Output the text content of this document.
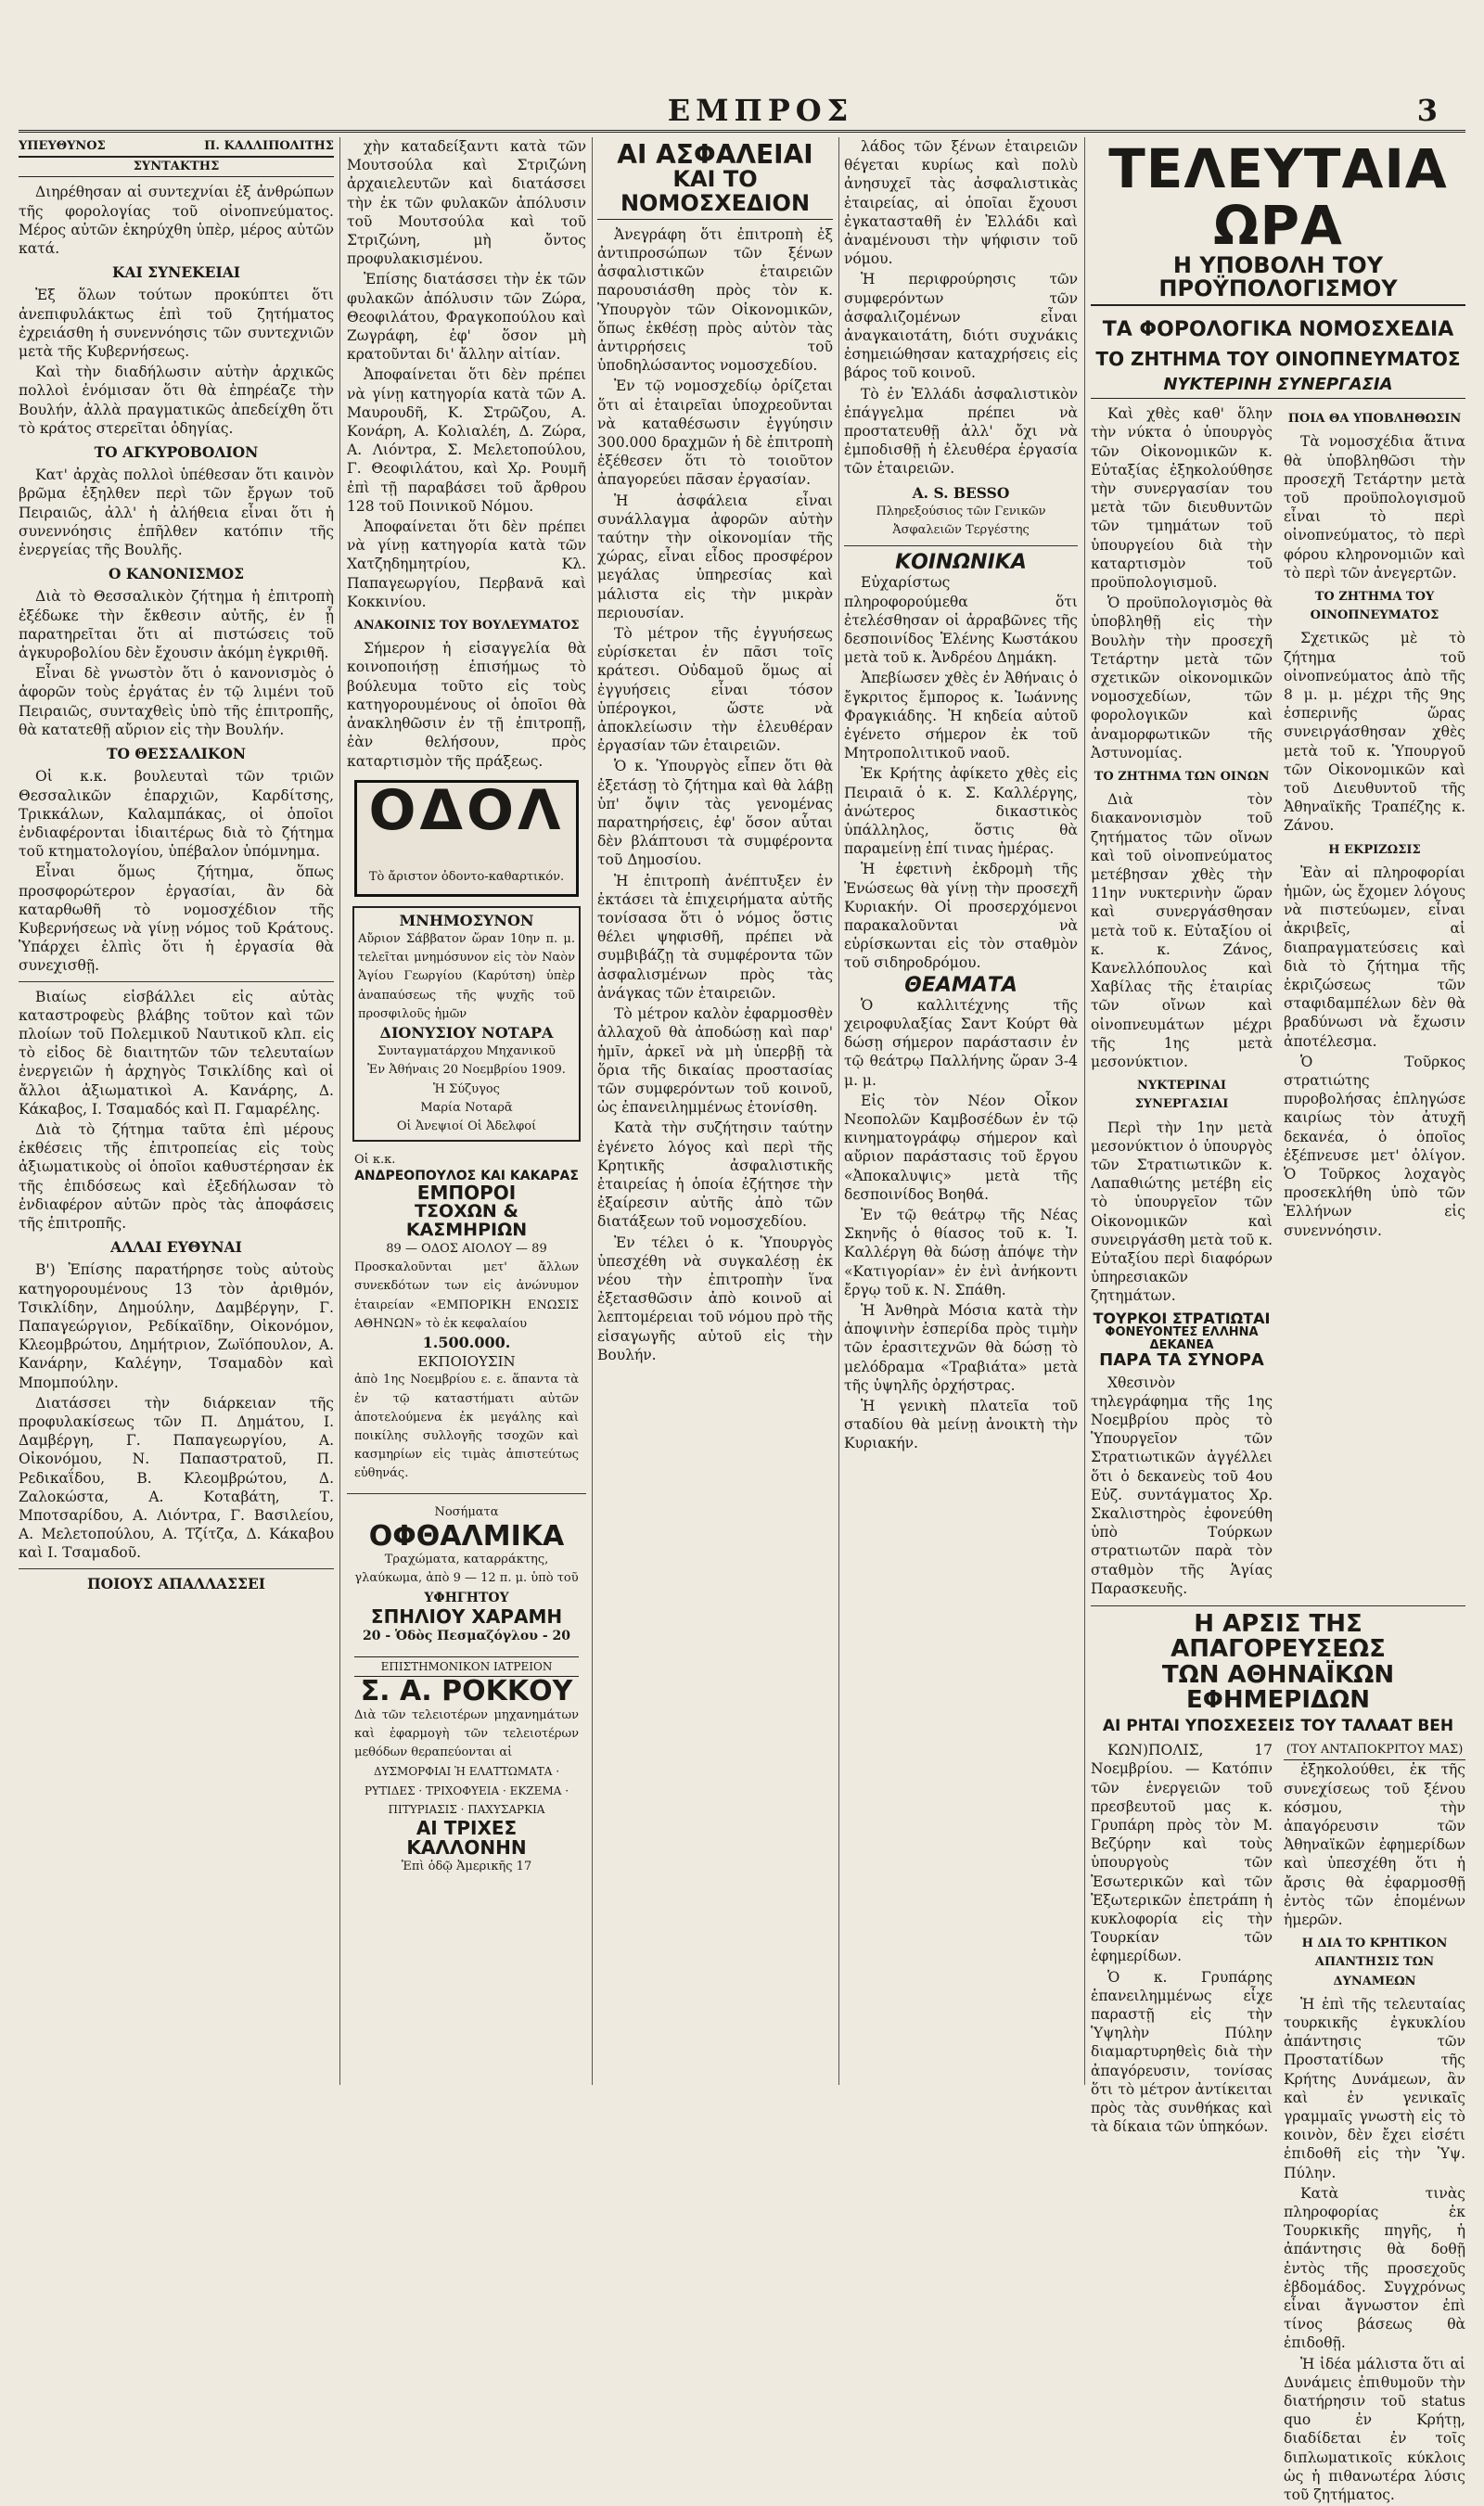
ΕΜΠΡΟΣ	3
ΥΠΕΥΘΥΝΟΣ	Π. ΚΑΛΛΙΠΟΛΙΤΗΣ
ΣΥΝΤΑΚΤΗΣ

Διηρέθησαν αἱ συντεχνίαι ἐξ ἀνθρώπων τῆς φορολογίας τοῦ οἰνοπνεύματος. Μέρος αὐτῶν ἐκηρύχθη ὑπὲρ, μέρος αὐτῶν κατά.

ΚΑΙ ΣΥΝΕΚΕΙΑΙ

Ἐξ ὅλων τούτων προκύπτει ὅτι ἀνεπιφυλάκτως ἐπὶ τοῦ ζητήματος ἐχρειάσθη ἡ συνεννόησις τῶν συντεχνιῶν μετὰ τῆς Κυβερνήσεως.

Καὶ τὴν διαδήλωσιν αὐτὴν ἀρχικῶς πολλοὶ ἐνόμισαν ὅτι θὰ ἐπηρέαζε τὴν Βουλήν, ἀλλὰ πραγματικῶς ἀπεδείχθη ὅτι τὸ κράτος στερεῖται ὁδηγίας.

ΤΟ ΑΓΚΥΡΟΒΟΛΙΟΝ

Κατ' ἀρχὰς πολλοὶ ὑπέθεσαν ὅτι καινὸν βρῶμα ἐξηλθεν περὶ τῶν ἔργων τοῦ Πειραιῶς, ἀλλ' ἡ ἀλήθεια εἶναι ὅτι ἡ συνεννόησις ἐπῆλθεν κατόπιν τῆς ἐνεργείας τῆς Βουλῆς.

Ο ΚΑΝΟΝΙΣΜΟΣ

Διὰ τὸ Θεσσαλικὸν ζήτημα ἡ ἐπιτροπὴ ἐξέδωκε τὴν ἔκθεσιν αὐτῆς, ἐν ᾗ παρατηρεῖται ὅτι αἱ πιστώσεις τοῦ ἀγκυροβολίου δὲν ἔχουσιν ἀκόμη ἐγκριθῆ.

Εἶναι δὲ γνωστὸν ὅτι ὁ κανονισμὸς ὁ ἀφορῶν τοὺς ἐργάτας ἐν τῷ λιμένι τοῦ Πειραιῶς, συνταχθεὶς ὑπὸ τῆς ἐπιτροπῆς, θὰ κατατεθῇ αὔριον εἰς τὴν Βουλήν.

ΤΟ ΘΕΣΣΑΛΙΚΟΝ

Οἱ κ.κ. βουλευταὶ τῶν τριῶν Θεσσαλικῶν ἐπαρχιῶν, Καρδίτσης, Τρικκάλων, Καλαμπάκας, οἱ ὁποῖοι ἐνδιαφέρονται ἰδιαιτέρως διὰ τὸ ζήτημα τοῦ κτηματολογίου, ὑπέβαλον ὑπόμνημα.

Εἶναι ὅμως ζήτημα, ὅπως προσφορώτερον ἐργασίαι, ἂν δὰ καταρθωθῆ τὸ νομοσχέδιον τῆς Κυβερνήσεως νὰ γίνῃ νόμος τοῦ Κράτους. Ὑπάρχει ἐλπὶς ὅτι ἡ ἐργασία θὰ συνεχισθῇ.

Βιαίως εἰσβάλλει εἰς αὐτὰς καταστροφεὺς βλάβης τοῦτον καὶ τῶν πλοίων τοῦ Πολεμικοῦ Ναυτικοῦ κλπ. εἰς τὸ εἰδος δὲ διαιτητῶν τῶν τελευταίων ἐνεργειῶν ἡ ἀρχηγὸς Τσικλίδης καὶ οἱ ἄλλοι ἀξιωματικοὶ Α. Κανάρης, Δ. Κάκαβος, Ι. Τσαμαδός καὶ Π. Γαμαρέλης.

Διὰ τὸ ζήτημα ταῦτα ἐπὶ μέρους ἐκθέσεις τῆς ἐπιτροπείας εἰς τοὺς ἀξιωματικοὺς οἱ ὁποῖοι καθυστέρησαν ἐκ τῆς ἐπιδόσεως καὶ ἐξεδήλωσαν τὸ ἐνδιαφέρον αὐτῶν πρὸς τὰς ἀποφάσεις τῆς ἐπιτροπῆς.

ΑΛΛΑΙ ΕΥΘΥΝΑΙ

Β') Ἐπίσης παρατήρησε τοὺς αὐτοὺς κατηγορουμένους 13 τὸν ἀριθμόν, Τσικλίδην, Δημούλην, Δαμβέργην, Γ. Παπαγεώργιον, Ρεδίκαϊδην, Οἰκονόμον, Κλεομβρώτου, Δημήτριον, Ζωϊόπουλον, Α. Κανάρην, Καλέγην, Τσαμαδὸν καὶ Μπομπούλην.

Διατάσσει τὴν διάρκειαν τῆς προφυλακίσεως τῶν Π. Δημάτου, Ι. Δαμβέργη, Γ. Παπαγεωργίου, Α. Οἰκονόμου, Ν. Παπαστρατοῦ, Π. Ρεδικαΐδου, Β. Κλεομβρώτου, Δ. Ζαλοκώστα, Α. Κοταβάτη, Τ. Μποτσαρίδου, Α. Λιόντρα, Γ. Βασιλείου, Α. Μελετοπούλου, Α. Τζίτζα, Δ. Κάκαβου καὶ Ι. Τσαμαδοῦ.

ΠΟΙΟΥΣ ΑΠΑΛΛΑΣΣΕΙ

χὴν καταδείξαντι κατὰ τῶν Μουτσούλα καὶ Στριζώνη ἀρχαιελευτῶν καὶ διατάσσει τὴν ἐκ τῶν φυλακῶν ἀπόλυσιν τοῦ Μουτσούλα καὶ τοῦ Στριζώνη, μὴ ὄντος προφυλακισμένου.

Ἐπίσης διατάσσει τὴν ἐκ τῶν φυλακῶν ἀπόλυσιν τῶν Ζώρα, Θεοφιλάτου, Φραγκοπούλου καὶ Ζωγράφη, ἐφ' ὅσον μὴ κρατοῦνται δι' ἄλλην αἰτίαν.

Ἀποφαίνεται ὅτι δὲν πρέπει νὰ γίνῃ κατηγορία κατὰ τῶν Α. Μαυρουδῆ, Κ. Στρῶζου, Α. Κονάρη, Α. Κολιαλέη, Δ. Ζώρα, Α. Λιόντρα, Σ. Μελετοπούλου, Γ. Θεοφιλάτου, καὶ Χρ. Ρουμῆ ἐπὶ τῇ παραβάσει τοῦ ἄρθρου 128 τοῦ Ποινικοῦ Νόμου.

Ἀποφαίνεται ὅτι δὲν πρέπει νὰ γίνῃ κατηγορία κατὰ τῶν Χατζηδημητρίου, Κλ. Παπαγεωργίου, Περβανᾶ καὶ Κοκκινίου.

ΑΝΑΚΟΙΝΙΣ ΤΟΥ ΒΟΥΛΕΥΜΑΤΟΣ

Σήμερον ἡ εἰσαγγελία θὰ κοινοποιήσῃ ἐπισήμως τὸ βούλευμα τοῦτο εἰς τοὺς κατηγορουμένους οἱ ὁποῖοι θὰ ἀνακληθῶσιν ἐν τῇ ἐπιτροπῇ, ἐὰν θελήσουν, πρὸς καταρτισμὸν τῆς πράξεως.

ΟΔΟΛ
Τὸ ἄριστον ὀδοντο-καθαρτικόν.
ΜΝΗΜΟΣΥΝΟΝ
Αὔριον Σάββατον ὥραν 10ην π. μ. τελεῖται μνημόσυνον εἰς τὸν Ναὸν Ἁγίου Γεωργίου (Καρύτση) ὑπὲρ ἀναπαύσεως τῆς ψυχῆς τοῦ προσφιλοῦς ἡμῶν
ΔΙΟΝΥΣΙΟΥ ΝΟΤΑΡΑ
Συνταγματάρχου Μηχανικοῦ
Ἐν Ἀθήναις 20 Νοεμβρίου 1909.
Ἡ Σύζυγος
Μαρία Νοταρᾶ
Οἱ Ἀνεψιοί Οἱ Ἀδελφοί
Οἱ κ.κ.
ΑΝΔΡΕΟΠΟΥΛΟΣ ΚΑΙ ΚΑΚΑΡΑΣ
ΕΜΠΟΡΟΙ
ΤΣΟΧΩΝ & ΚΑΣΜΗΡΙΩΝ
89 — ΟΔΟΣ ΑΙΟΛΟΥ — 89
Προσκαλοῦνται μετ' ἄλλων συνεκδότων των εἰς ἀνώνυμον ἑταιρείαν «ΕΜΠΟΡΙΚΗ ΕΝΩΣΙΣ ΑΘΗΝΩΝ» τὸ ἐκ κεφαλαίου
1.500.000.
ΕΚΠΟΙΟΥΣΙΝ
ἀπὸ 1ης Νοεμβρίου ε. ε. ἅπαντα τὰ ἐν τῷ καταστήματι αὐτῶν ἀποτελούμενα ἐκ μεγάλης καὶ ποικίλης συλλογῆς τσοχῶν καὶ κασμηρίων εἰς τιμὰς ἀπιστεύτως εὐθηνάς.
Νοσήματα
ΟΦΘΑΛΜΙΚΑ
Τραχώματα, καταρράκτης, γλαύκωμα, ἀπὸ 9 — 12 π. μ. ὑπὸ τοῦ
ΥΦΗΓΗΤΟΥ
ΣΠΗΛΙΟΥ ΧΑΡΑΜΗ
20 - Ὁδὸς Πεσμαζόγλου - 20
ΕΠΙΣΤΗΜΟΝΙΚΟΝ ΙΑΤΡΕΙΟΝ
Σ. Α. ΡΟΚΚΟΥ
Διὰ τῶν τελειοτέρων μηχανημάτων καὶ ἐφαρμογὴ τῶν τελειοτέρων μεθόδων θεραπεύονται αἱ
ΔΥΣΜΟΡΦΙΑΙ Ἡ ΕΛΑΤΤΩΜΑΤΑ · ΡΥΤΙΔΕΣ · ΤΡΙΧΟΦΥΕΙΑ · ΕΚΖΕΜΑ · ΠΙΤΥΡΙΑΣΙΣ · ΠΑΧΥΣΑΡΚΙΑ
ΑΙ ΤΡΙΧΕΣ
ΚΑΛΛΟΝΗΝ
Ἐπὶ ὁδῷ Ἀμερικῆς 17
ΑΙ ΑΣΦΑΛΕΙΑΙ
ΚΑΙ ΤΟ ΝΟΜΟΣΧΕΔΙΟΝ

Ἀνεγράφη ὅτι ἐπιτροπὴ ἐξ ἀντιπροσώπων τῶν ξένων ἀσφαλιστικῶν ἑταιρειῶν παρουσιάσθη πρὸς τὸν κ. Ὑπουργὸν τῶν Οἰκονομικῶν, ὅπως ἐκθέσῃ πρὸς αὐτὸν τὰς ἀντιρρήσεις τοῦ ὑποδηλώσαντος νομοσχεδίου.

Ἐν τῷ νομοσχεδίῳ ὁρίζεται ὅτι αἱ ἑταιρεῖαι ὑποχρεοῦνται νὰ καταθέσωσιν ἐγγύησιν 300.000 δραχμῶν ἡ δὲ ἐπιτροπὴ ἐξέθεσεν ὅτι τὸ τοιοῦτον ἀπαγορεύει πᾶσαν ἐργασίαν.

Ἡ ἀσφάλεια εἶναι συνάλλαγμα ἀφορῶν αὐτὴν ταύτην τὴν οἰκονομίαν τῆς χώρας, εἶναι εἶδος προσφέρον μεγάλας ὑπηρεσίας καὶ μάλιστα εἰς τὴν μικρὰν περιουσίαν.

Τὸ μέτρον τῆς ἐγγυήσεως εὑρίσκεται ἐν πᾶσι τοῖς κράτεσι. Οὐδαμοῦ ὅμως αἱ ἐγγυήσεις εἶναι τόσον ὑπέρογκοι, ὥστε νὰ ἀποκλείωσιν τὴν ἐλευθέραν ἐργασίαν τῶν ἑταιρειῶν.

Ὁ κ. Ὑπουργὸς εἶπεν ὅτι θὰ ἐξετάσῃ τὸ ζήτημα καὶ θὰ λάβῃ ὑπ' ὄψιν τὰς γενομένας παρατηρήσεις, ἐφ' ὅσον αὗται δὲν βλάπτουσι τὰ συμφέροντα τοῦ Δημοσίου.

Ἡ ἐπιτροπὴ ἀνέπτυξεν ἐν ἐκτάσει τὰ ἐπιχειρήματα αὐτῆς τονίσασα ὅτι ὁ νόμος ὅστις θέλει ψηφισθῆ, πρέπει νὰ συμβιβάζῃ τὰ συμφέροντα τῶν ἀσφαλισμένων πρὸς τὰς ἀνάγκας τῶν ἑταιρειῶν.

Τὸ μέτρον καλὸν ἐφαρμοσθὲν ἀλλαχοῦ θὰ ἀποδώσῃ καὶ παρ' ἡμῖν, ἀρκεῖ νὰ μὴ ὑπερβῇ τὰ ὅρια τῆς δικαίας προστασίας τῶν συμφερόντων τοῦ κοινοῦ, ὡς ἐπανειλημμένως ἐτονίσθη.

Κατὰ τὴν συζήτησιν ταύτην ἐγένετο λόγος καὶ περὶ τῆς Κρητικῆς ἀσφαλιστικῆς ἑταιρείας ἡ ὁποία ἐζήτησε τὴν ἐξαίρεσιν αὐτῆς ἀπὸ τῶν διατάξεων τοῦ νομοσχεδίου.

Ἐν τέλει ὁ κ. Ὑπουργὸς ὑπεσχέθη νὰ συγκαλέσῃ ἐκ νέου τὴν ἐπιτροπὴν ἵνα ἐξετασθῶσιν ἀπὸ κοινοῦ αἱ λεπτομέρειαι τοῦ νόμου πρὸ τῆς εἰσαγωγῆς αὐτοῦ εἰς τὴν Βουλήν.

λάδος τῶν ξένων ἑταιρειῶν θέγεται κυρίως καὶ πολὺ ἀνησυχεῖ τὰς ἀσφαλιστικὰς ἑταιρείας, αἱ ὁποῖαι ἔχουσι ἐγκατασταθῆ ἐν Ἑλλάδι καὶ ἀναμένουσι τὴν ψήφισιν τοῦ νόμου.

Ἡ περιφρούρησις τῶν συμφερόντων τῶν ἀσφαλιζομένων εἶναι ἀναγκαιοτάτη, διότι συχνάκις ἐσημειώθησαν καταχρήσεις εἰς βάρος τοῦ κοινοῦ.

Τὸ ἐν Ἑλλάδι ἀσφαλιστικὸν ἐπάγγελμα πρέπει νὰ προστατευθῇ ἀλλ' ὄχι νὰ ἐμποδισθῇ ἡ ἐλευθέρα ἐργασία τῶν ἑταιρειῶν.

A. S. BESSO
Πληρεξούσιος τῶν Γενικῶν Ἀσφαλειῶν Τεργέστης
ΚΟΙΝΩΝΙΚΑ

Εὐχαρίστως πληροφορούμεθα ὅτι ἐτελέσθησαν οἱ ἀρραβῶνες τῆς δεσποινίδος Ἑλένης Κωστάκου μετὰ τοῦ κ. Ἀνδρέου Δημάκη.

Ἀπεβίωσεν χθὲς ἐν Ἀθήναις ὁ ἔγκριτος ἔμπορος κ. Ἰωάννης Φραγκιάδης. Ἡ κηδεία αὐτοῦ ἐγένετο σήμερον ἐκ τοῦ Μητροπολιτικοῦ ναοῦ.

Ἐκ Κρήτης ἀφίκετο χθὲς εἰς Πειραιᾶ ὁ κ. Σ. Καλλέργης, ἀνώτερος δικαστικὸς ὑπάλληλος, ὅστις θὰ παραμείνῃ ἐπί τινας ἡμέρας.

Ἡ ἐφετινὴ ἐκδρομὴ τῆς Ἐνώσεως θὰ γίνῃ τὴν προσεχῆ Κυριακήν. Οἱ προσερχόμενοι παρακαλοῦνται νὰ εὑρίσκωνται εἰς τὸν σταθμὸν τοῦ σιδηροδρόμου.

ΘΕΑΜΑΤΑ

Ὁ καλλιτέχνης τῆς χειροφυλαξίας Σαντ Κούρτ θὰ δώσῃ σήμερον παράστασιν ἐν τῷ θεάτρῳ Παλλήνης ὥραν 3-4 μ. μ.

Εἰς τὸν Νέον Οἶκον Νεοπολῶν Καμβοσέδων ἐν τῷ κινηματογράφῳ σήμερον καὶ αὔριον παράστασις τοῦ ἔργου «Ἀποκαλυψις» μετὰ τῆς δεσποινίδος Βοηθά.

Ἐν τῷ θεάτρῳ τῆς Νέας Σκηνῆς ὁ θίασος τοῦ κ. Ἰ. Καλλέργη θὰ δώσῃ ἀπόψε τὴν «Κατιγορίαν» ἐν ἑνὶ ἀνήκοντι ἔργῳ τοῦ κ. Ν. Σπάθη.

Ἡ Ἀνθηρὰ Μόσια κατὰ τὴν ἀποψινὴν ἑσπερίδα πρὸς τιμὴν τῶν ἐρασιτεχνῶν θὰ δώσῃ τὸ μελόδραμα «Τραβιάτα» μετὰ τῆς ὑψηλῆς ὀρχήστρας.

Ἡ γενικὴ πλατεῖα τοῦ σταδίου θὰ μείνῃ ἀνοικτὴ τὴν Κυριακήν.

ΤΕΛΕΥΤΑΙΑ ΩΡΑ
Η ΥΠΟΒΟΛΗ ΤΟΥ ΠΡΟΫΠΟΛΟΓΙΣΜΟΥ
ΤΑ ΦΟΡΟΛΟΓΙΚΑ ΝΟΜΟΣΧΕΔΙΑ
ΤΟ ΖΗΤΗΜΑ ΤΟΥ ΟΙΝΟΠΝΕΥΜΑΤΟΣ
ΝΥΚΤΕΡΙΝΗ ΣΥΝΕΡΓΑΣΙΑ

Καὶ χθὲς καθ' ὅλην τὴν νύκτα ὁ ὑπουργὸς τῶν Οἰκονομικῶν κ. Εὐταξίας ἐξηκολούθησε τὴν συνεργασίαν του μετὰ τῶν διευθυντῶν τῶν τμημάτων τοῦ ὑπουργείου διὰ τὴν καταρτισμὸν τοῦ προϋπολογισμοῦ.

Ὁ προϋπολογισμὸς θὰ ὑποβληθῇ εἰς τὴν Βουλὴν τὴν προσεχῆ Τετάρτην μετὰ τῶν σχετικῶν οἰκονομικῶν νομοσχεδίων, τῶν φορολογικῶν καὶ ἀναμορφωτικῶν τῆς Ἀστυνομίας.

ΤΟ ΖΗΤΗΜΑ ΤΩΝ ΟΙΝΩΝ

Διὰ τὸν διακανονισμὸν τοῦ ζητήματος τῶν οἴνων καὶ τοῦ οἰνοπνεύματος μετέβησαν χθὲς τὴν 11ην νυκτερινὴν ὥραν καὶ συνεργάσθησαν μετὰ τοῦ κ. Εὐταξίου οἱ κ. κ. Ζάνος, Κανελλόπουλος καὶ Χαβίλας τῆς ἑταιρίας τῶν οἴνων καὶ οἰνοπνευμάτων μέχρι τῆς 1ης μετὰ μεσονύκτιον.

ΝΥΚΤΕΡΙΝΑΙ ΣΥΝΕΡΓΑΣΙΑΙ

Περὶ τὴν 1ην μετὰ μεσονύκτιον ὁ ὑπουργὸς τῶν Στρατιωτικῶν κ. Λαπαθιώτης μετέβη εἰς τὸ ὑπουργεῖον τῶν Οἰκονομικῶν καὶ συνειργάσθη μετὰ τοῦ κ. Εὐταξίου περὶ διαφόρων ὑπηρεσιακῶν ζητημάτων.

ΤΟΥΡΚΟΙ ΣΤΡΑΤΙΩΤΑΙ
ΦΟΝΕΥΟΝΤΕΣ ΕΛΛΗΝΑ ΔΕΚΑΝΕΑ
ΠΑΡΑ ΤΑ ΣΥΝΟΡΑ

Χθεσινὸν τηλεγράφημα τῆς 1ης Νοεμβρίου πρὸς τὸ Ὑπουργεῖον τῶν Στρατιωτικῶν ἀγγέλλει ὅτι ὁ δεκανεὺς τοῦ 4ου Εὐζ. συντάγματος Χρ. Σκαλιστηρὸς ἐφονεύθη ὑπὸ Τούρκων στρατιωτῶν παρὰ τὸν σταθμὸν τῆς Ἁγίας Παρασκευῆς.

ΠΟΙΑ ΘΑ ΥΠΟΒΛΗΘΩΣΙΝ

Τὰ νομοσχέδια ἅτινα θὰ ὑποβληθῶσι τὴν προσεχῆ Τετάρτην μετὰ τοῦ προϋπολογισμοῦ εἶναι τὸ περὶ οἰνοπνεύματος, τὸ περὶ φόρου κληρονομιῶν καὶ τὸ περὶ τῶν ἀνεγερτῶν.

ΤΟ ΖΗΤΗΜΑ ΤΟΥ ΟΙΝΟΠΝΕΥΜΑΤΟΣ

Σχετικῶς μὲ τὸ ζήτημα τοῦ οἰνοπνεύματος ἀπὸ τῆς 8 μ. μ. μέχρι τῆς 9ης ἐσπερινῆς ὥρας συνειργάσθησαν χθὲς μετὰ τοῦ κ. Ὑπουργοῦ τῶν Οἰκονομικῶν καὶ τοῦ Διευθυντοῦ τῆς Ἀθηναϊκῆς Τραπέζης κ. Ζάνου.

Η ΕΚΡΙΖΩΣΙΣ

Ἐὰν αἱ πληροφορίαι ἡμῶν, ὡς ἔχομεν λόγους νὰ πιστεύωμεν, εἶναι ἀκριβεῖς, αἱ διαπραγματεύσεις καὶ διὰ τὸ ζήτημα τῆς ἐκριζώσεως τῶν σταφιδαμπέλων δὲν θὰ βραδύνωσι νὰ ἔχωσιν ἀποτέλεσμα.

Ὁ Τοῦρκος στρατιώτης πυροβολήσας ἐπληγώσε καιρίως τὸν ἀτυχῆ δεκανέα, ὁ ὁποῖος ἐξέπνευσε μετ' ὀλίγον. Ὁ Τοῦρκος λοχαγὸς προσεκλήθη ὑπὸ τῶν Ἑλλήνων εἰς συνεννόησιν.

Η ΑΡΣΙΣ ΤΗΣ ΑΠΑΓΟΡΕΥΣΕΩΣ
ΤΩΝ ΑΘΗΝΑΪΚΩΝ ΕΦΗΜΕΡΙΔΩΝ
ΑΙ ΡΗΤΑΙ ΥΠΟΣΧΕΣΕΙΣ ΤΟΥ ΤΑΛΑΑΤ ΒΕΗ

ΚΩΝ)ΠΟΛΙΣ, 17 Νοεμβρίου. — Κατόπιν τῶν ἐνεργειῶν τοῦ πρεσβευτοῦ μας κ. Γρυπάρη πρὸς τὸν Μ. Βεζύρην καὶ τοὺς ὑπουργοὺς τῶν Ἐσωτερικῶν καὶ τῶν Ἐξωτερικῶν ἐπετράπη ἡ κυκλοφορία εἰς τὴν Τουρκίαν τῶν ἐφημερίδων.

Ὁ κ. Γρυπάρης ἐπανειλημμένως εἶχε παραστῇ εἰς τὴν Ὑψηλὴν Πύλην διαμαρτυρηθεὶς διὰ τὴν ἀπαγόρευσιν, τονίσας ὅτι τὸ μέτρον ἀντίκειται πρὸς τὰς συνθήκας καὶ τὰ δίκαια τῶν ὑπηκόων.

(ΤΟΥ ΑΝΤΑΠΟΚΡΙΤΟΥ ΜΑΣ)

ἐξηκολούθει, ἐκ τῆς συνεχίσεως τοῦ ξένου κόσμου, τὴν ἀπαγόρευσιν τῶν Ἀθηναϊκῶν ἐφημερίδων καὶ ὑπεσχέθη ὅτι ἡ ἄρσις θὰ ἐφαρμοσθῇ ἐντὸς τῶν ἑπομένων ἡμερῶν.

Η ΔΙΑ ΤΟ ΚΡΗΤΙΚΟΝ ΑΠΑΝΤΗΣΙΣ ΤΩΝ ΔΥΝΑΜΕΩΝ

Ἡ ἐπὶ τῆς τελευταίας τουρκικῆς ἐγκυκλίου ἀπάντησις τῶν Προστατίδων τῆς Κρήτης Δυνάμεων, ἂν καὶ ἐν γενικαῖς γραμμαῖς γνωστὴ εἰς τὸ κοινὸν, δὲν ἔχει εἰσέτι ἐπιδοθῆ εἰς τὴν Ὑψ. Πύλην.

Κατὰ τινὰς πληροφορίας ἐκ Τουρκικῆς πηγῆς, ἡ ἀπάντησις θὰ δοθῇ ἐντὸς τῆς προσεχοῦς ἑβδομάδος. Συγχρόνως εἶναι ἄγνωστον ἐπὶ τίνος βάσεως θὰ ἐπιδοθῇ.

Ἡ ἰδέα μάλιστα ὅτι αἱ Δυνάμεις ἐπιθυμοῦν τὴν διατήρησιν τοῦ status quo ἐν Κρήτῃ, διαδίδεται ἐν τοῖς διπλωματικοῖς κύκλοις ὡς ἡ πιθανωτέρα λύσις τοῦ ζητήματος.
